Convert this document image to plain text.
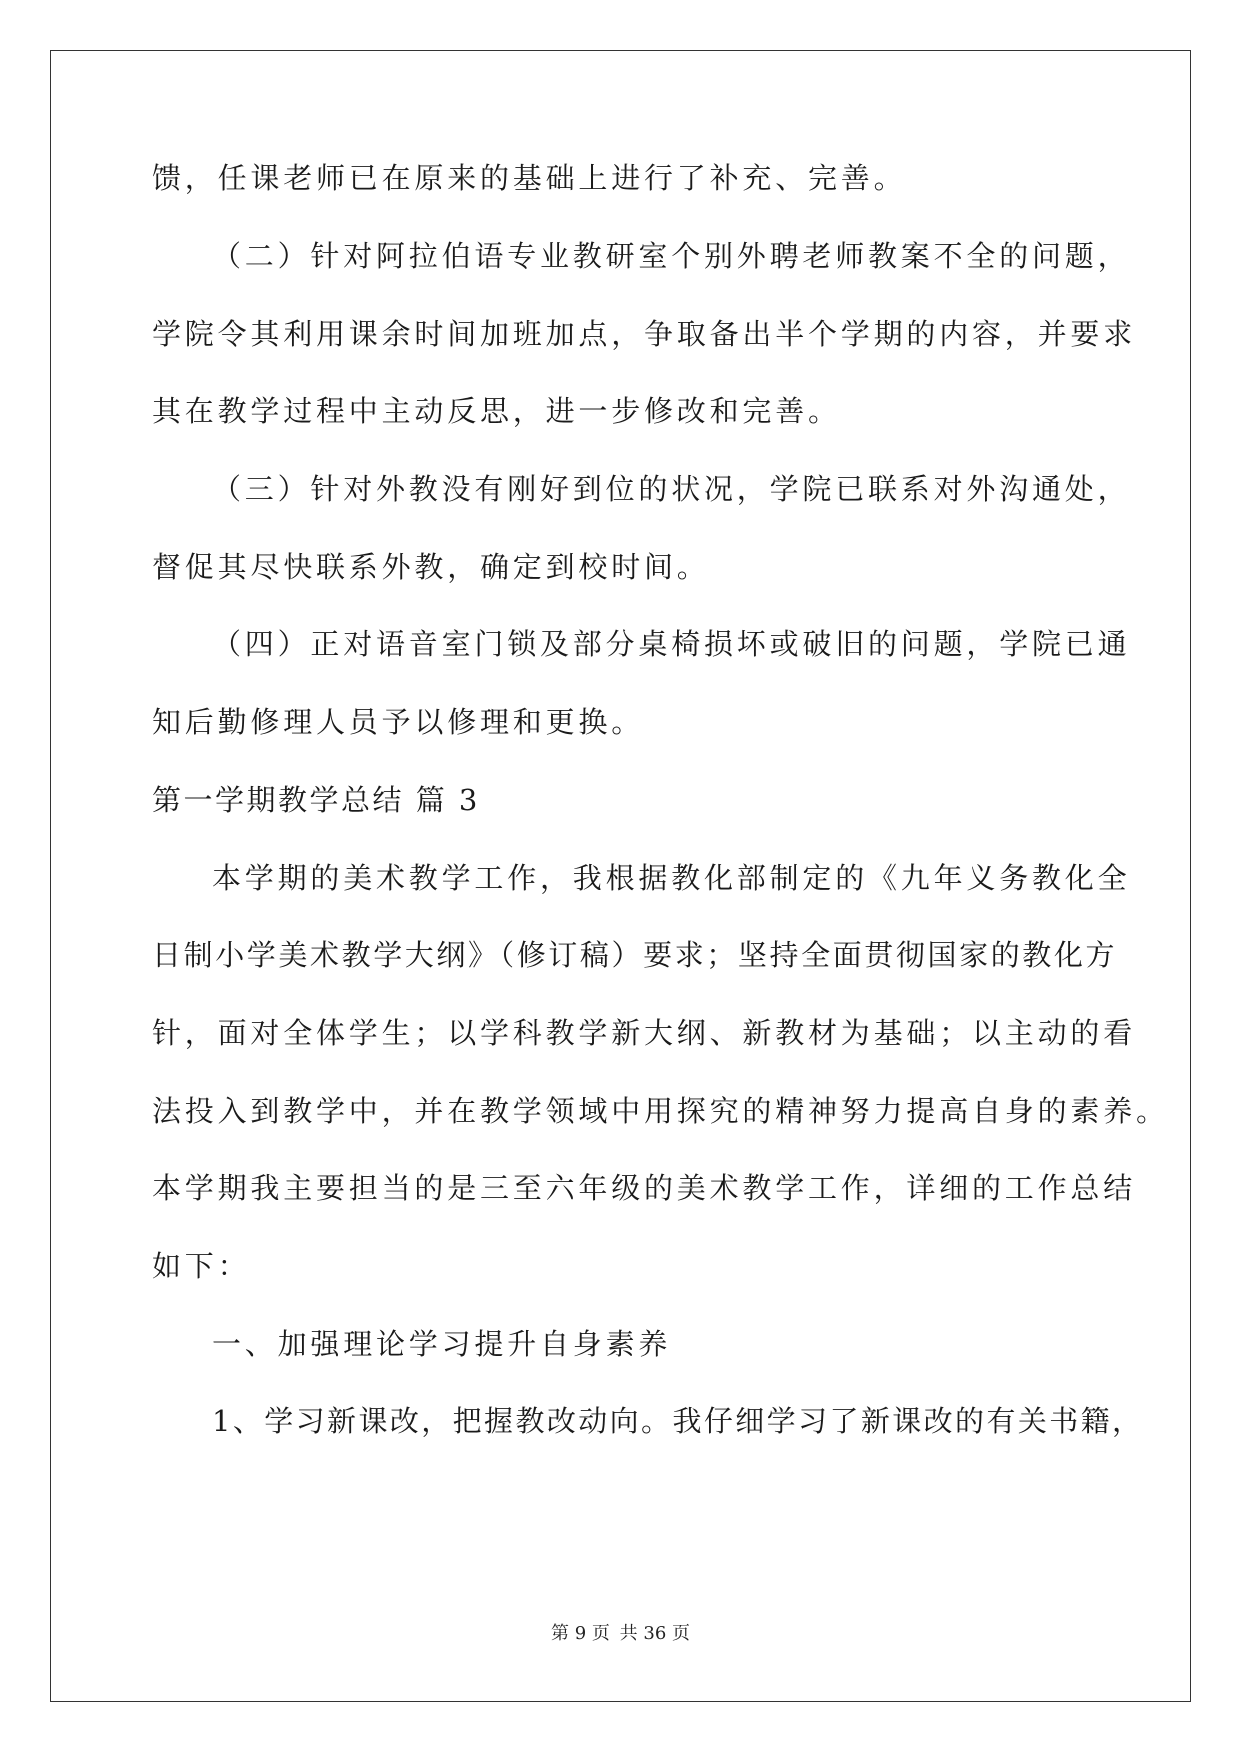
馈，任课老师已在原来的基础上进行了补充、完善。
（二）针对阿拉伯语专业教研室个别外聘老师教案不全的问题，
学院令其利用课余时间加班加点，争取备出半个学期的内容，并要求
其在教学过程中主动反思，进一步修改和完善。
（三）针对外教没有刚好到位的状况，学院已联系对外沟通处，
督促其尽快联系外教，确定到校时间。
（四）正对语音室门锁及部分桌椅损坏或破旧的问题，学院已通
知后勤修理人员予以修理和更换。
第一学期教学总结 篇 3
本学期的美术教学工作，我根据教化部制定的《九年义务教化全
日制小学美术教学大纲》（修订稿）要求；坚持全面贯彻国家的教化方
针，面对全体学生；以学科教学新大纲、新教材为基础；以主动的看
法投入到教学中，并在教学领域中用探究的精神努力提高自身的素养。
本学期我主要担当的是三至六年级的美术教学工作，详细的工作总结
如下：
一、加强理论学习提升自身素养
1、学习新课改，把握教改动向。我仔细学习了新课改的有关书籍，
第 9 页 共 36 页
